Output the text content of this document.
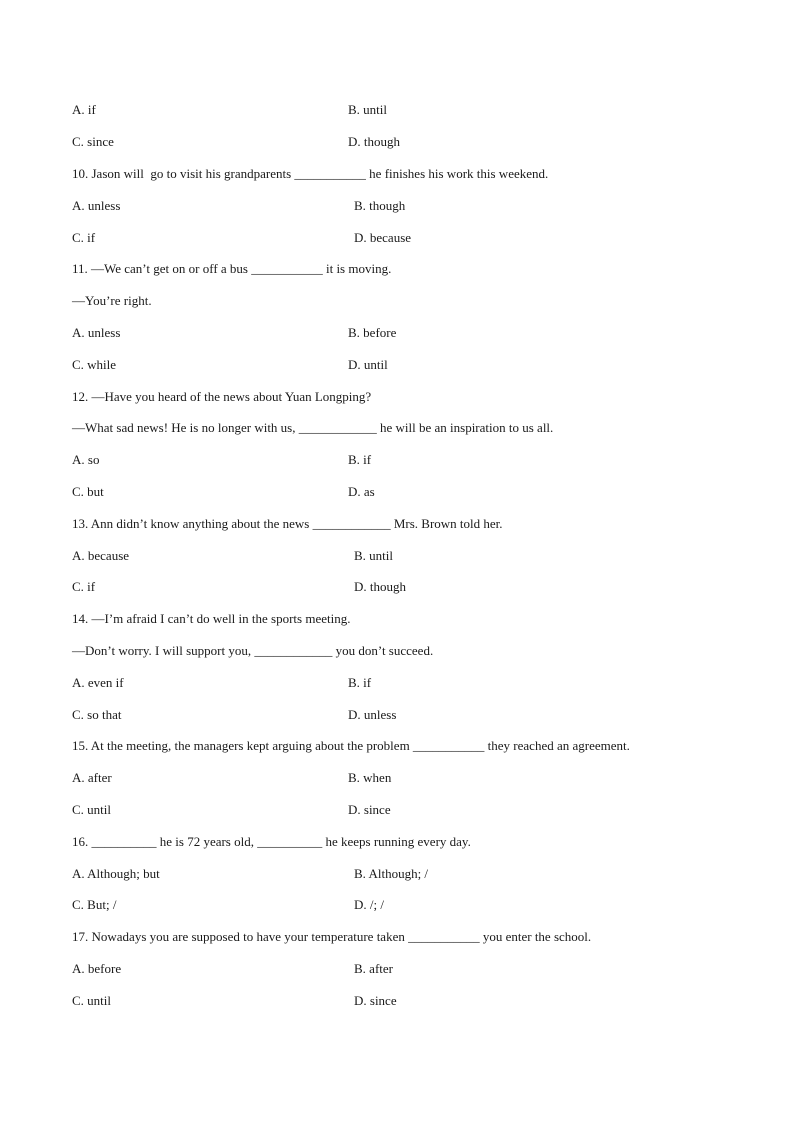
A. if	B. until
C. since	D. though
10. Jason will  go to visit his grandparents ___________ he finishes his work this weekend.
A. unless	B. though
C. if	D. because
11. —We can’t get on or off a bus ___________ it is moving.
—You’re right.
A. unless	B. before
C. while	D. until
12. —Have you heard of the news about Yuan Longping?
—What sad news! He is no longer with us, ____________ he will be an inspiration to us all.
A. so	B. if
C. but	D. as
13. Ann didn’t know anything about the news ____________ Mrs. Brown told her.
A. because	B. until
C. if	D. though
14. —I’m afraid I can’t do well in the sports meeting.
—Don’t worry. I will support you, ____________ you don’t succeed.
A. even if	B. if
C. so that	D. unless
15. At the meeting, the managers kept arguing about the problem ___________ they reached an agreement.
A. after	B. when
C. until	D. since
16. __________ he is 72 years old, __________ he keeps running every day.
A. Although; but	B. Although; /
C. But; /	D. /; /
17. Nowadays you are supposed to have your temperature taken ___________ you enter the school.
A. before	B. after
C. until	D. since
